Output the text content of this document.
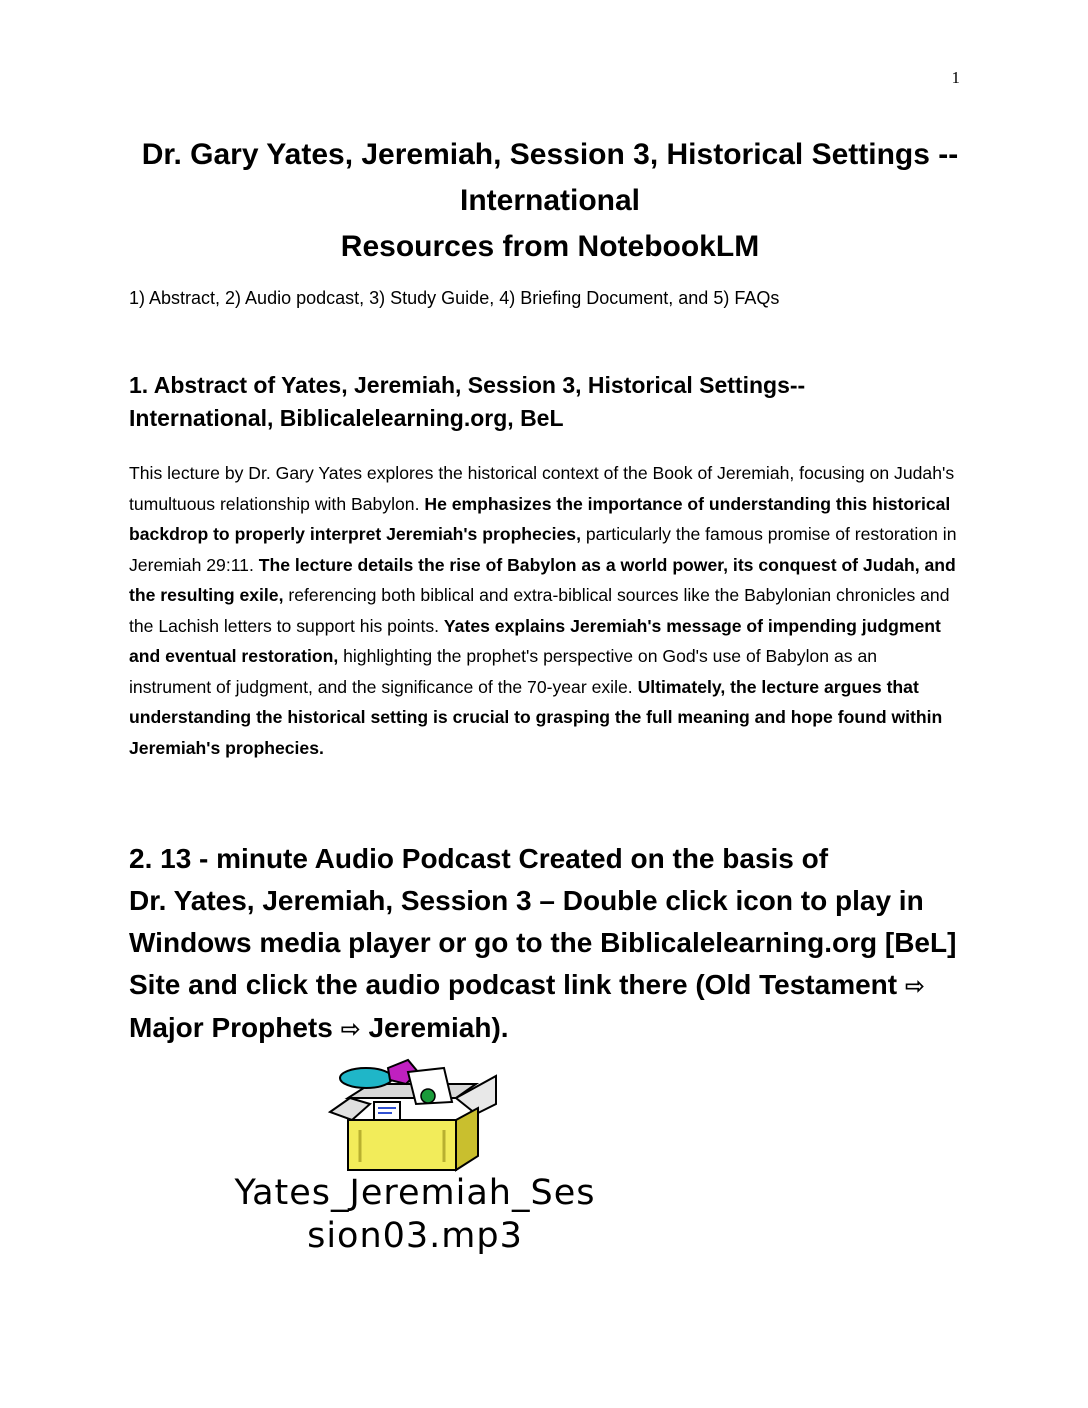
1
Dr. Gary Yates, Jeremiah, Session 3, Historical Settings --
International
Resources from NotebookLM
1) Abstract, 2) Audio podcast, 3) Study Guide, 4) Briefing Document, and 5) FAQs
1. Abstract of Yates, Jeremiah, Session 3, Historical Settings--
International, Biblicalelearning.org, BeL
This lecture by Dr. Gary Yates explores the historical context of the Book of Jeremiah, focusing on Judah's tumultuous relationship with Babylon. He emphasizes the importance of understanding this historical backdrop to properly interpret Jeremiah's prophecies, particularly the famous promise of restoration in Jeremiah 29:11. The lecture details the rise of Babylon as a world power, its conquest of Judah, and the resulting exile, referencing both biblical and extra-biblical sources like the Babylonian chronicles and the Lachish letters to support his points. Yates explains Jeremiah's message of impending judgment and eventual restoration, highlighting the prophet's perspective on God's use of Babylon as an instrument of judgment, and the significance of the 70-year exile. Ultimately, the lecture argues that understanding the historical setting is crucial to grasping the full meaning and hope found within Jeremiah's prophecies.
2. 13 - minute Audio Podcast Created on the basis of
Dr. Yates, Jeremiah, Session 3 – Double click icon to play in
Windows media player or go to the Biblicalelearning.org [BeL]
Site and click the audio podcast link there (Old Testament ⇨
Major Prophets ⇨ Jeremiah).
Yates_Jeremiah_Ses
sion03.mp3
